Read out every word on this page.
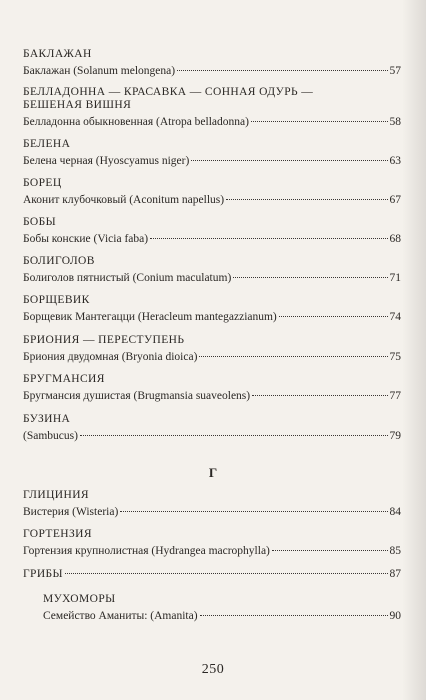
БАКЛАЖАН
Баклажан (Solanum melongena)	57
БЕЛЛАДОННА — КРАСАВКА — СОННАЯ ОДУРЬ —
БЕШЕНАЯ ВИШНЯ
Белладонна обыкновенная (Atropa belladonna)	58
БЕЛЕНА
Белена черная (Hyoscyamus niger)	63
БОРЕЦ
Аконит клубочковый (Aconitum napellus)	67
БОБЫ
Бобы конские (Vicia faba)	68
БОЛИГОЛОВ
Болиголов пятнистый (Conium maculatum)	71
БОРЩЕВИК
Борщевик Мантегацци (Heracleum mantegazzianum)	74
БРИОНИЯ — ПЕРЕСТУПЕНЬ
Бриония двудомная (Bryonia dioica)	75
БРУГМАНСИЯ
Бругмансия душистая (Brugmansia suaveolens)	77
БУЗИНА
(Sambucus)	79
Г
ГЛИЦИНИЯ
Вистерия (Wisteria)	84
ГОРТЕНЗИЯ
Гортензия крупнолистная (Hydrangea macrophylla)	85
ГРИБЫ	87
МУХОМОРЫ
Семейство Аманиты: (Amanita)	90
250
